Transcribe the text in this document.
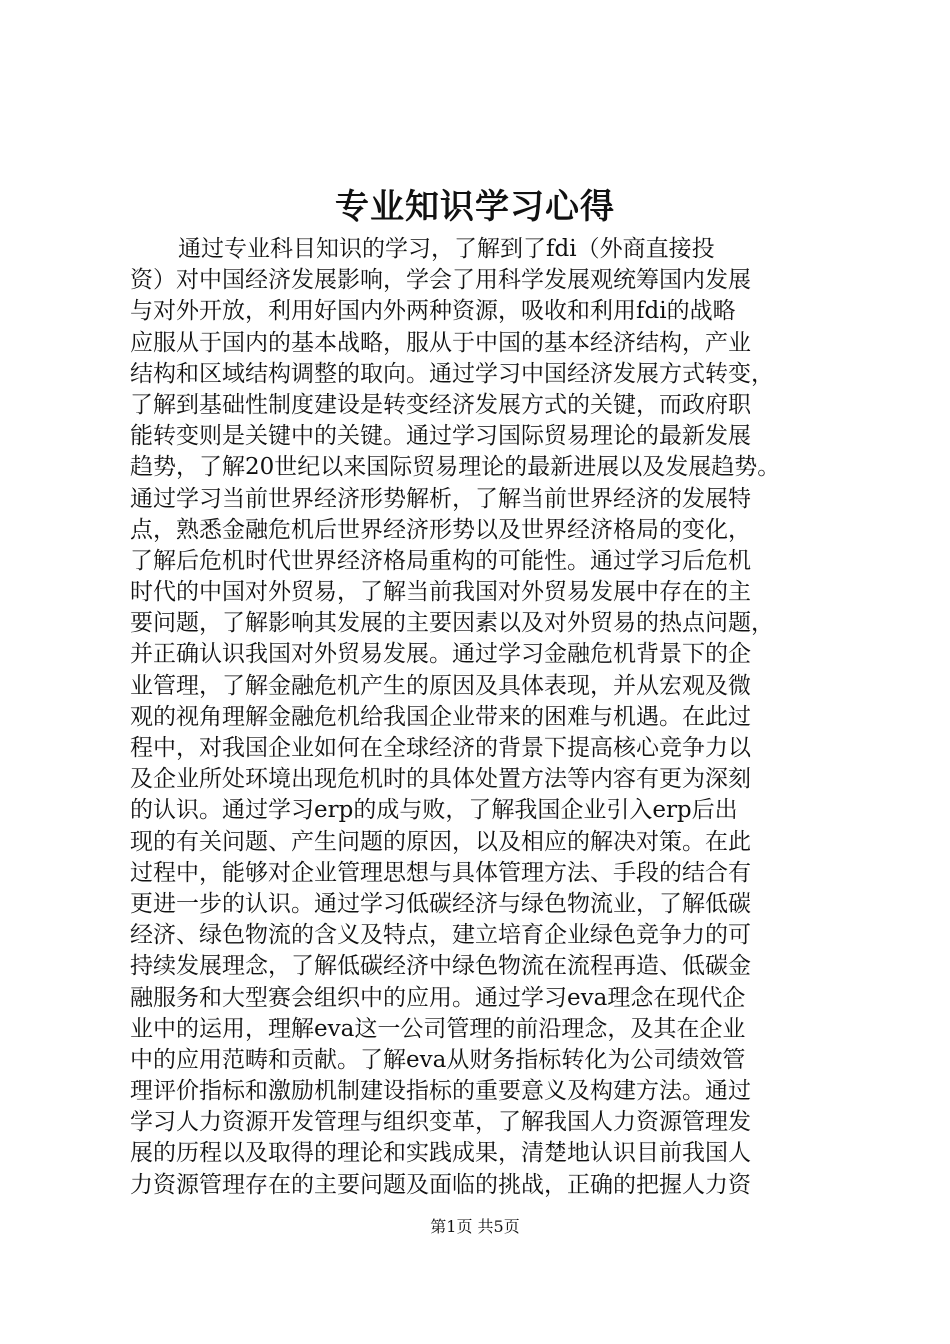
专业知识学习心得
通过专业科目知识的学习，了解到了fdi（外商直接投
资）对中国经济发展影响，学会了用科学发展观统筹国内发展
与对外开放，利用好国内外两种资源，吸收和利用fdi的战略
应服从于国内的基本战略，服从于中国的基本经济结构，产业
结构和区域结构调整的取向。通过学习中国经济发展方式转变，
了解到基础性制度建设是转变经济发展方式的关键，而政府职
能转变则是关键中的关键。通过学习国际贸易理论的最新发展
趋势，了解20世纪以来国际贸易理论的最新进展以及发展趋势。
通过学习当前世界经济形势解析，了解当前世界经济的发展特
点，熟悉金融危机后世界经济形势以及世界经济格局的变化，
了解后危机时代世界经济格局重构的可能性。通过学习后危机
时代的中国对外贸易，了解当前我国对外贸易发展中存在的主
要问题，了解影响其发展的主要因素以及对外贸易的热点问题，
并正确认识我国对外贸易发展。通过学习金融危机背景下的企
业管理，了解金融危机产生的原因及具体表现，并从宏观及微
观的视角理解金融危机给我国企业带来的困难与机遇。在此过
程中，对我国企业如何在全球经济的背景下提高核心竞争力以
及企业所处环境出现危机时的具体处置方法等内容有更为深刻
的认识。通过学习erp的成与败，了解我国企业引入erp后出
现的有关问题、产生问题的原因，以及相应的解决对策。在此
过程中，能够对企业管理思想与具体管理方法、手段的结合有
更进一步的认识。通过学习低碳经济与绿色物流业，了解低碳
经济、绿色物流的含义及特点，建立培育企业绿色竞争力的可
持续发展理念，了解低碳经济中绿色物流在流程再造、低碳金
融服务和大型赛会组织中的应用。通过学习eva理念在现代企
业中的运用，理解eva这一公司管理的前沿理念，及其在企业
中的应用范畴和贡献。了解eva从财务指标转化为公司绩效管
理评价指标和激励机制建设指标的重要意义及构建方法。通过
学习人力资源开发管理与组织变革，了解我国人力资源管理发
展的历程以及取得的理论和实践成果，清楚地认识目前我国人
力资源管理存在的主要问题及面临的挑战，正确的把握人力资
第1页 共5页
